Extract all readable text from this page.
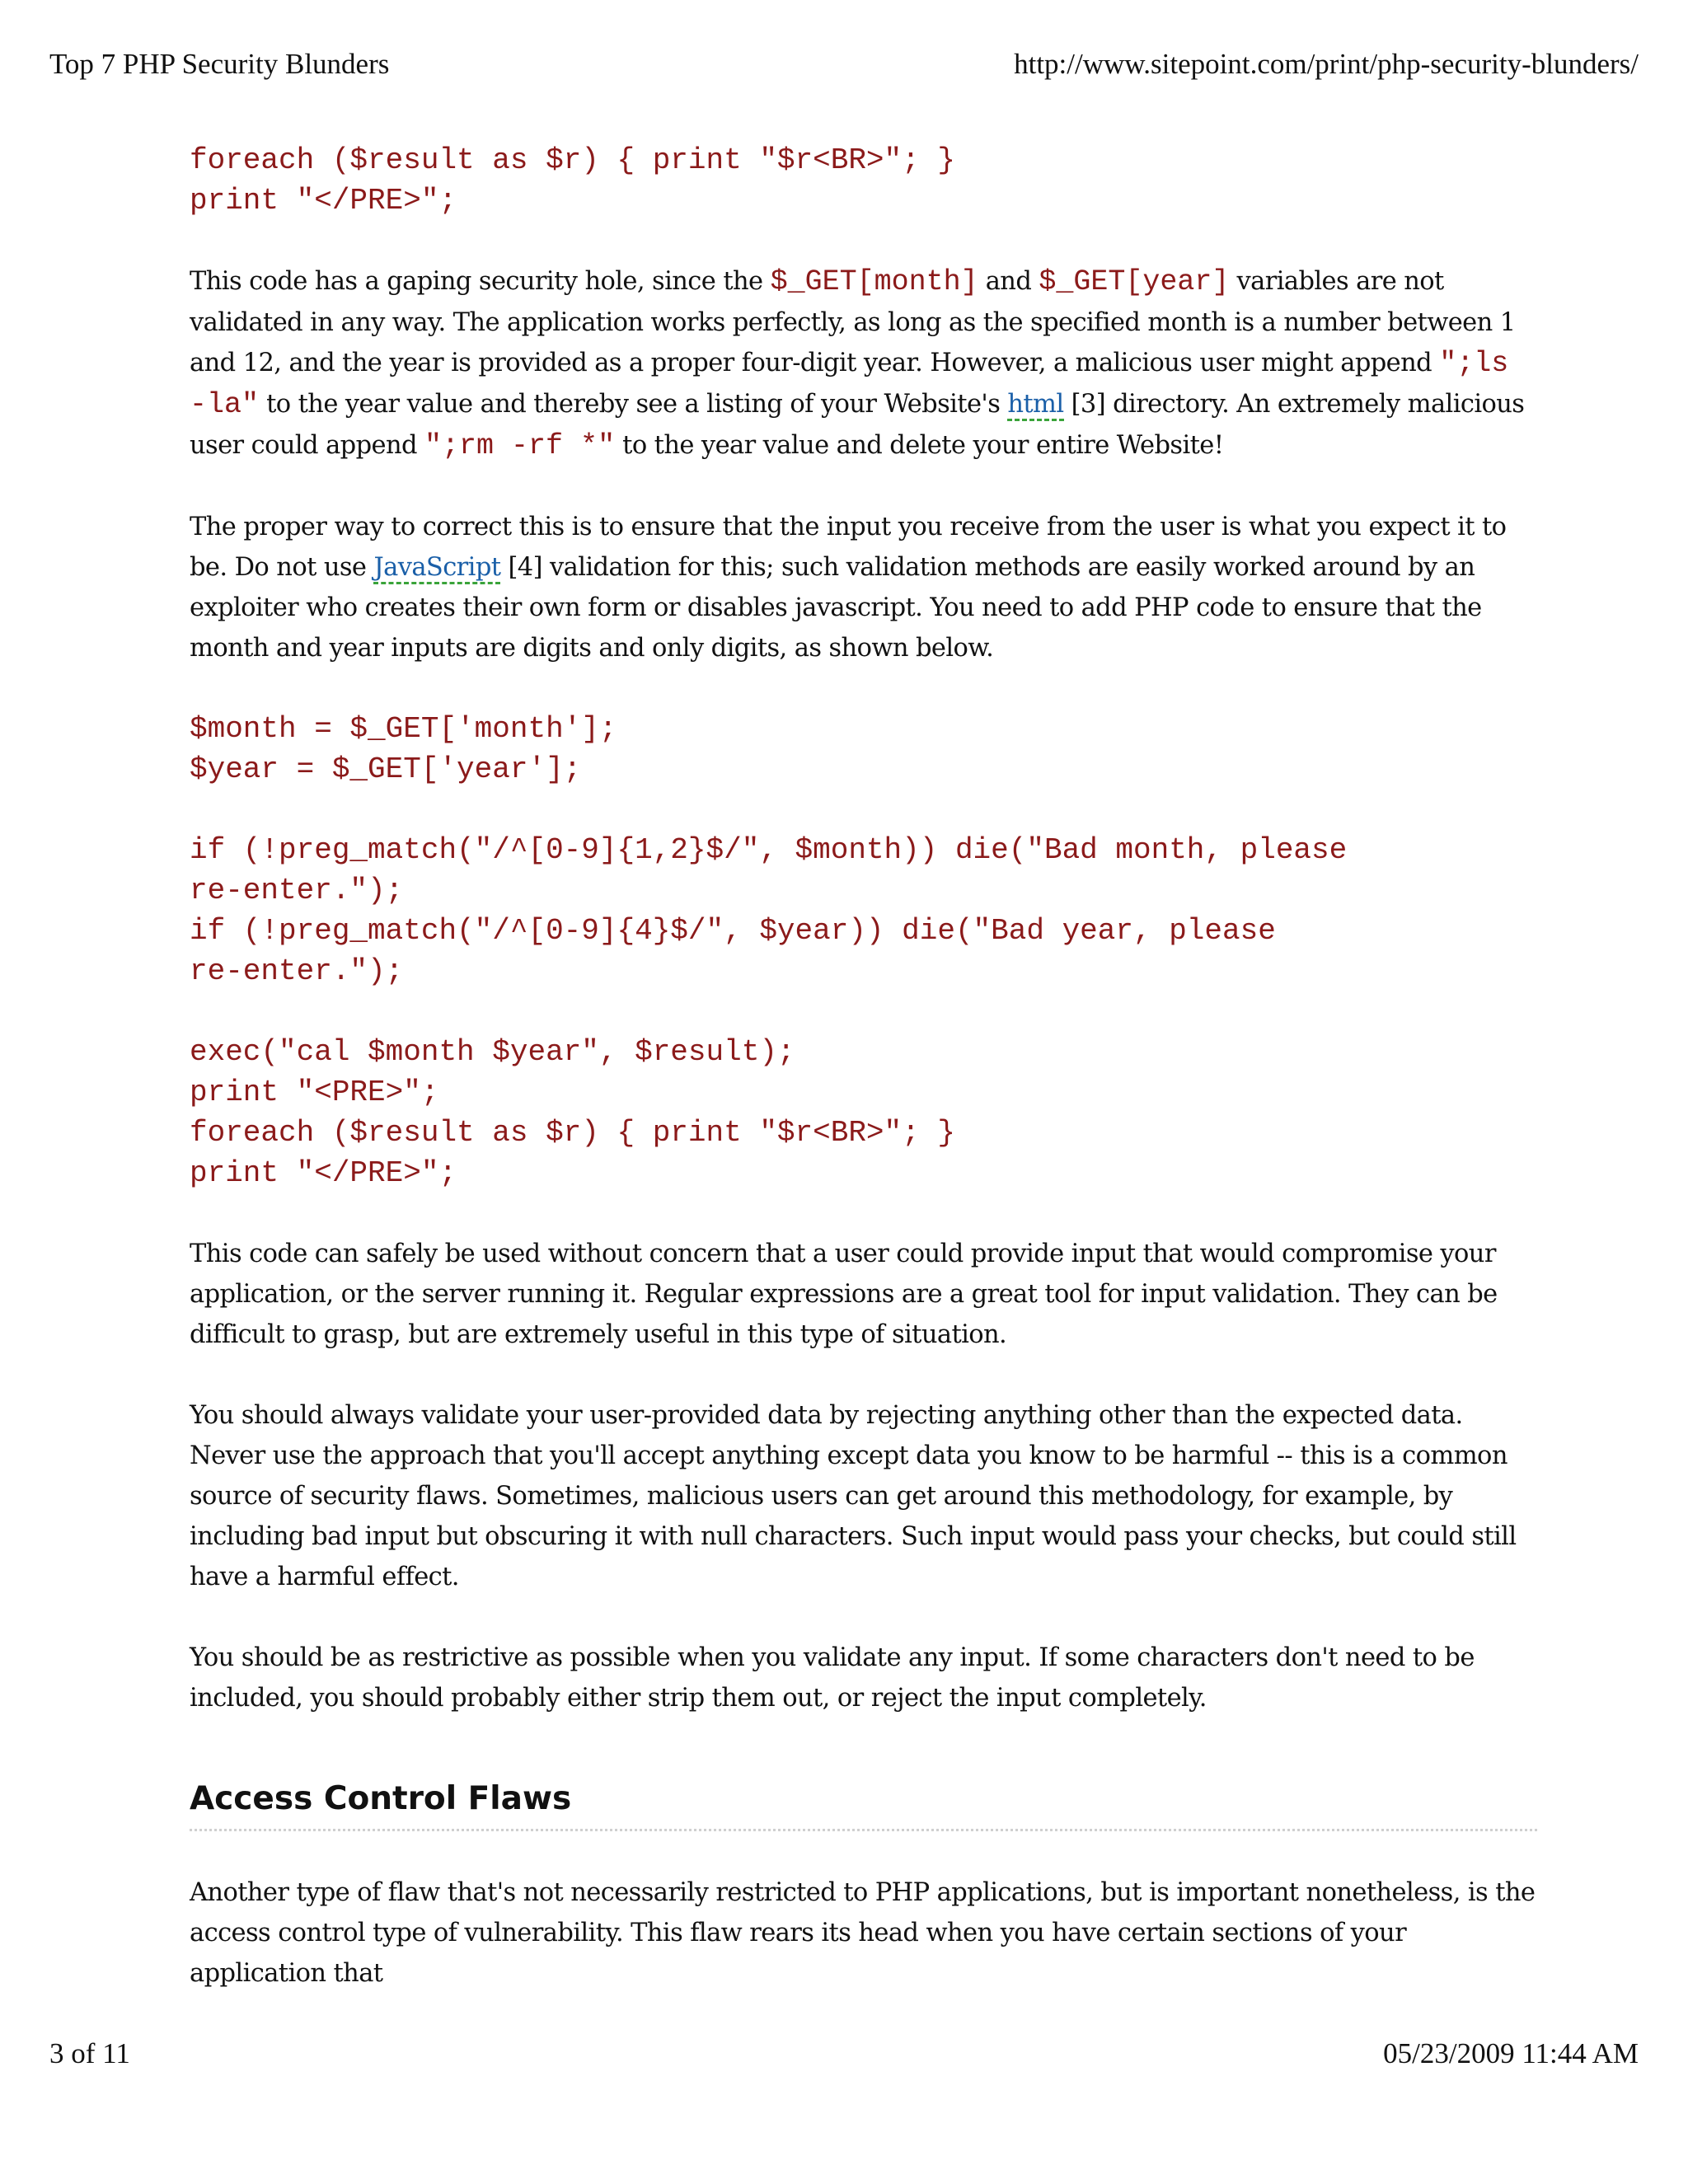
Top 7 PHP Security Blunders	http://www.sitepoint.com/print/php-security-blunders/
foreach ($result as $r) { print "$r<BR>"; }
print "</PRE>";

This code has a gaping security hole, since the $_GET[month] and $_GET[year] variables are not validated in any way. The application works perfectly, as long as the specified month is a number between 1 and 12, and the year is provided as a proper four-digit year. However, a malicious user might append ";ls -la" to the year value and thereby see a listing of your Website's html [3] directory. An extremely malicious user could append ";rm -rf *" to the year value and delete your entire Website!

The proper way to correct this is to ensure that the input you receive from the user is what you expect it to be. Do not use JavaScript [4] validation for this; such validation methods are easily worked around by an exploiter who creates their own form or disables javascript. You need to add PHP code to ensure that the month and year inputs are digits and only digits, as shown below.

$month = $_GET['month'];
$year = $_GET['year'];

if (!preg_match("/^[0-9]{1,2}$/", $month)) die("Bad month, please
re-enter.");
if (!preg_match("/^[0-9]{4}$/", $year)) die("Bad year, please
re-enter.");

exec("cal $month $year", $result);
print "<PRE>";
foreach ($result as $r) { print "$r<BR>"; }
print "</PRE>";

This code can safely be used without concern that a user could provide input that would compromise your application, or the server running it. Regular expressions are a great tool for input validation. They can be difficult to grasp, but are extremely useful in this type of situation.

You should always validate your user-provided data by rejecting anything other than the expected data. Never use the approach that you'll accept anything except data you know to be harmful -- this is a common source of security flaws. Sometimes, malicious users can get around this methodology, for example, by including bad input but obscuring it with null characters. Such input would pass your checks, but could still have a harmful effect.

You should be as restrictive as possible when you validate any input. If some characters don't need to be included, you should probably either strip them out, or reject the input completely.

Access Control Flaws

Another type of flaw that's not necessarily restricted to PHP applications, but is important nonetheless, is the access control type of vulnerability. This flaw rears its head when you have certain sections of your application that

3 of 11	05/23/2009 11:44 AM
